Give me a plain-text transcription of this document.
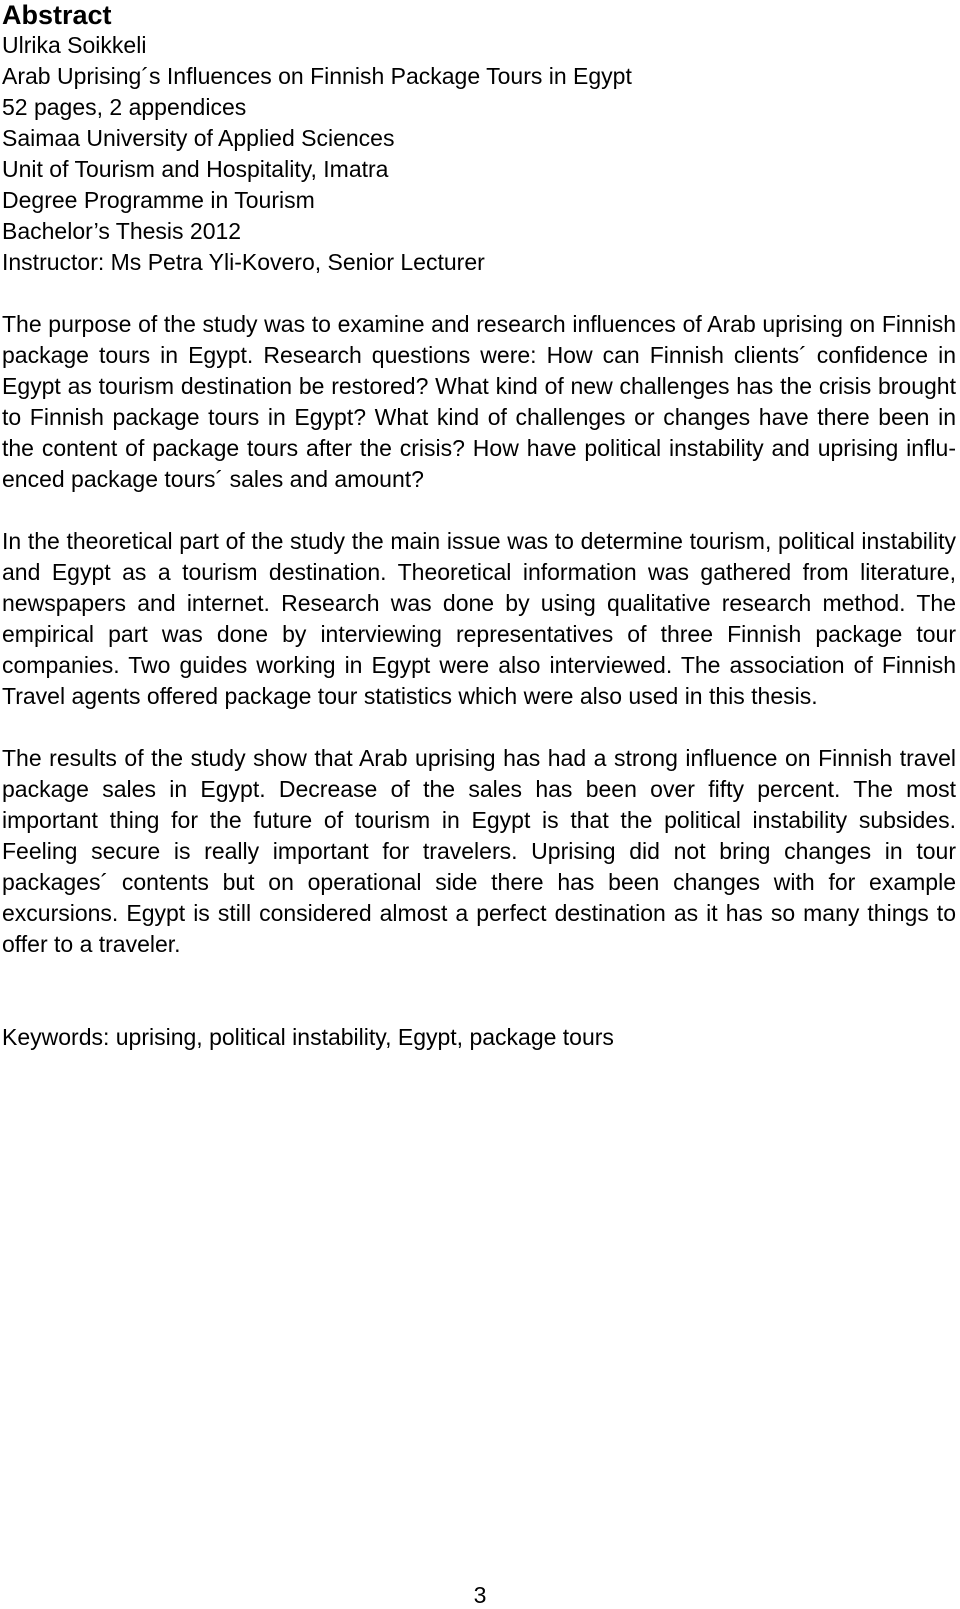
Abstract

Ulrika Soikkeli

Arab Uprising´s Influences on Finnish Package Tours in Egypt

52 pages, 2 appendices

Saimaa University of Applied Sciences

Unit of Tourism and Hospitality, Imatra

Degree Programme in Tourism

Bachelor’s Thesis 2012

Instructor: Ms Petra Yli-Kovero, Senior Lecturer

The purpose of the study was to examine and research influences of Arab uprising on Finnish package tours in Egypt. Research questions were: How can Finnish clients´ confidence in Egypt as tourism destination be restored? What kind of new challenges has the crisis brought to Finnish package tours in Egypt? What kind of challenges or changes have there been in the content of package tours after the crisis? How have political instability and uprising influenced package tours´ sales and amount?

In the theoretical part of the study the main issue was to determine tourism, political instability and Egypt as a tourism destination. Theoretical information was gathered from literature, newspapers and internet. Research was done by using qualitative research method. The empirical part was done by interviewing representatives of three Finnish package tour companies. Two guides working in Egypt were also interviewed. The association of Finnish Travel agents offered package tour statistics which were also used in this thesis.

The results of the study show that Arab uprising has had a strong influence on Finnish travel package sales in Egypt. Decrease of the sales has been over fifty percent. The most important thing for the future of tourism in Egypt is that the political instability subsides. Feeling secure is really important for travelers. Uprising did not bring changes in tour packages´ contents but on operational side there has been changes with for example excursions. Egypt is still considered almost a perfect destination as it has so many things to offer to a traveler.

Keywords: uprising, political instability, Egypt, package tours

3
